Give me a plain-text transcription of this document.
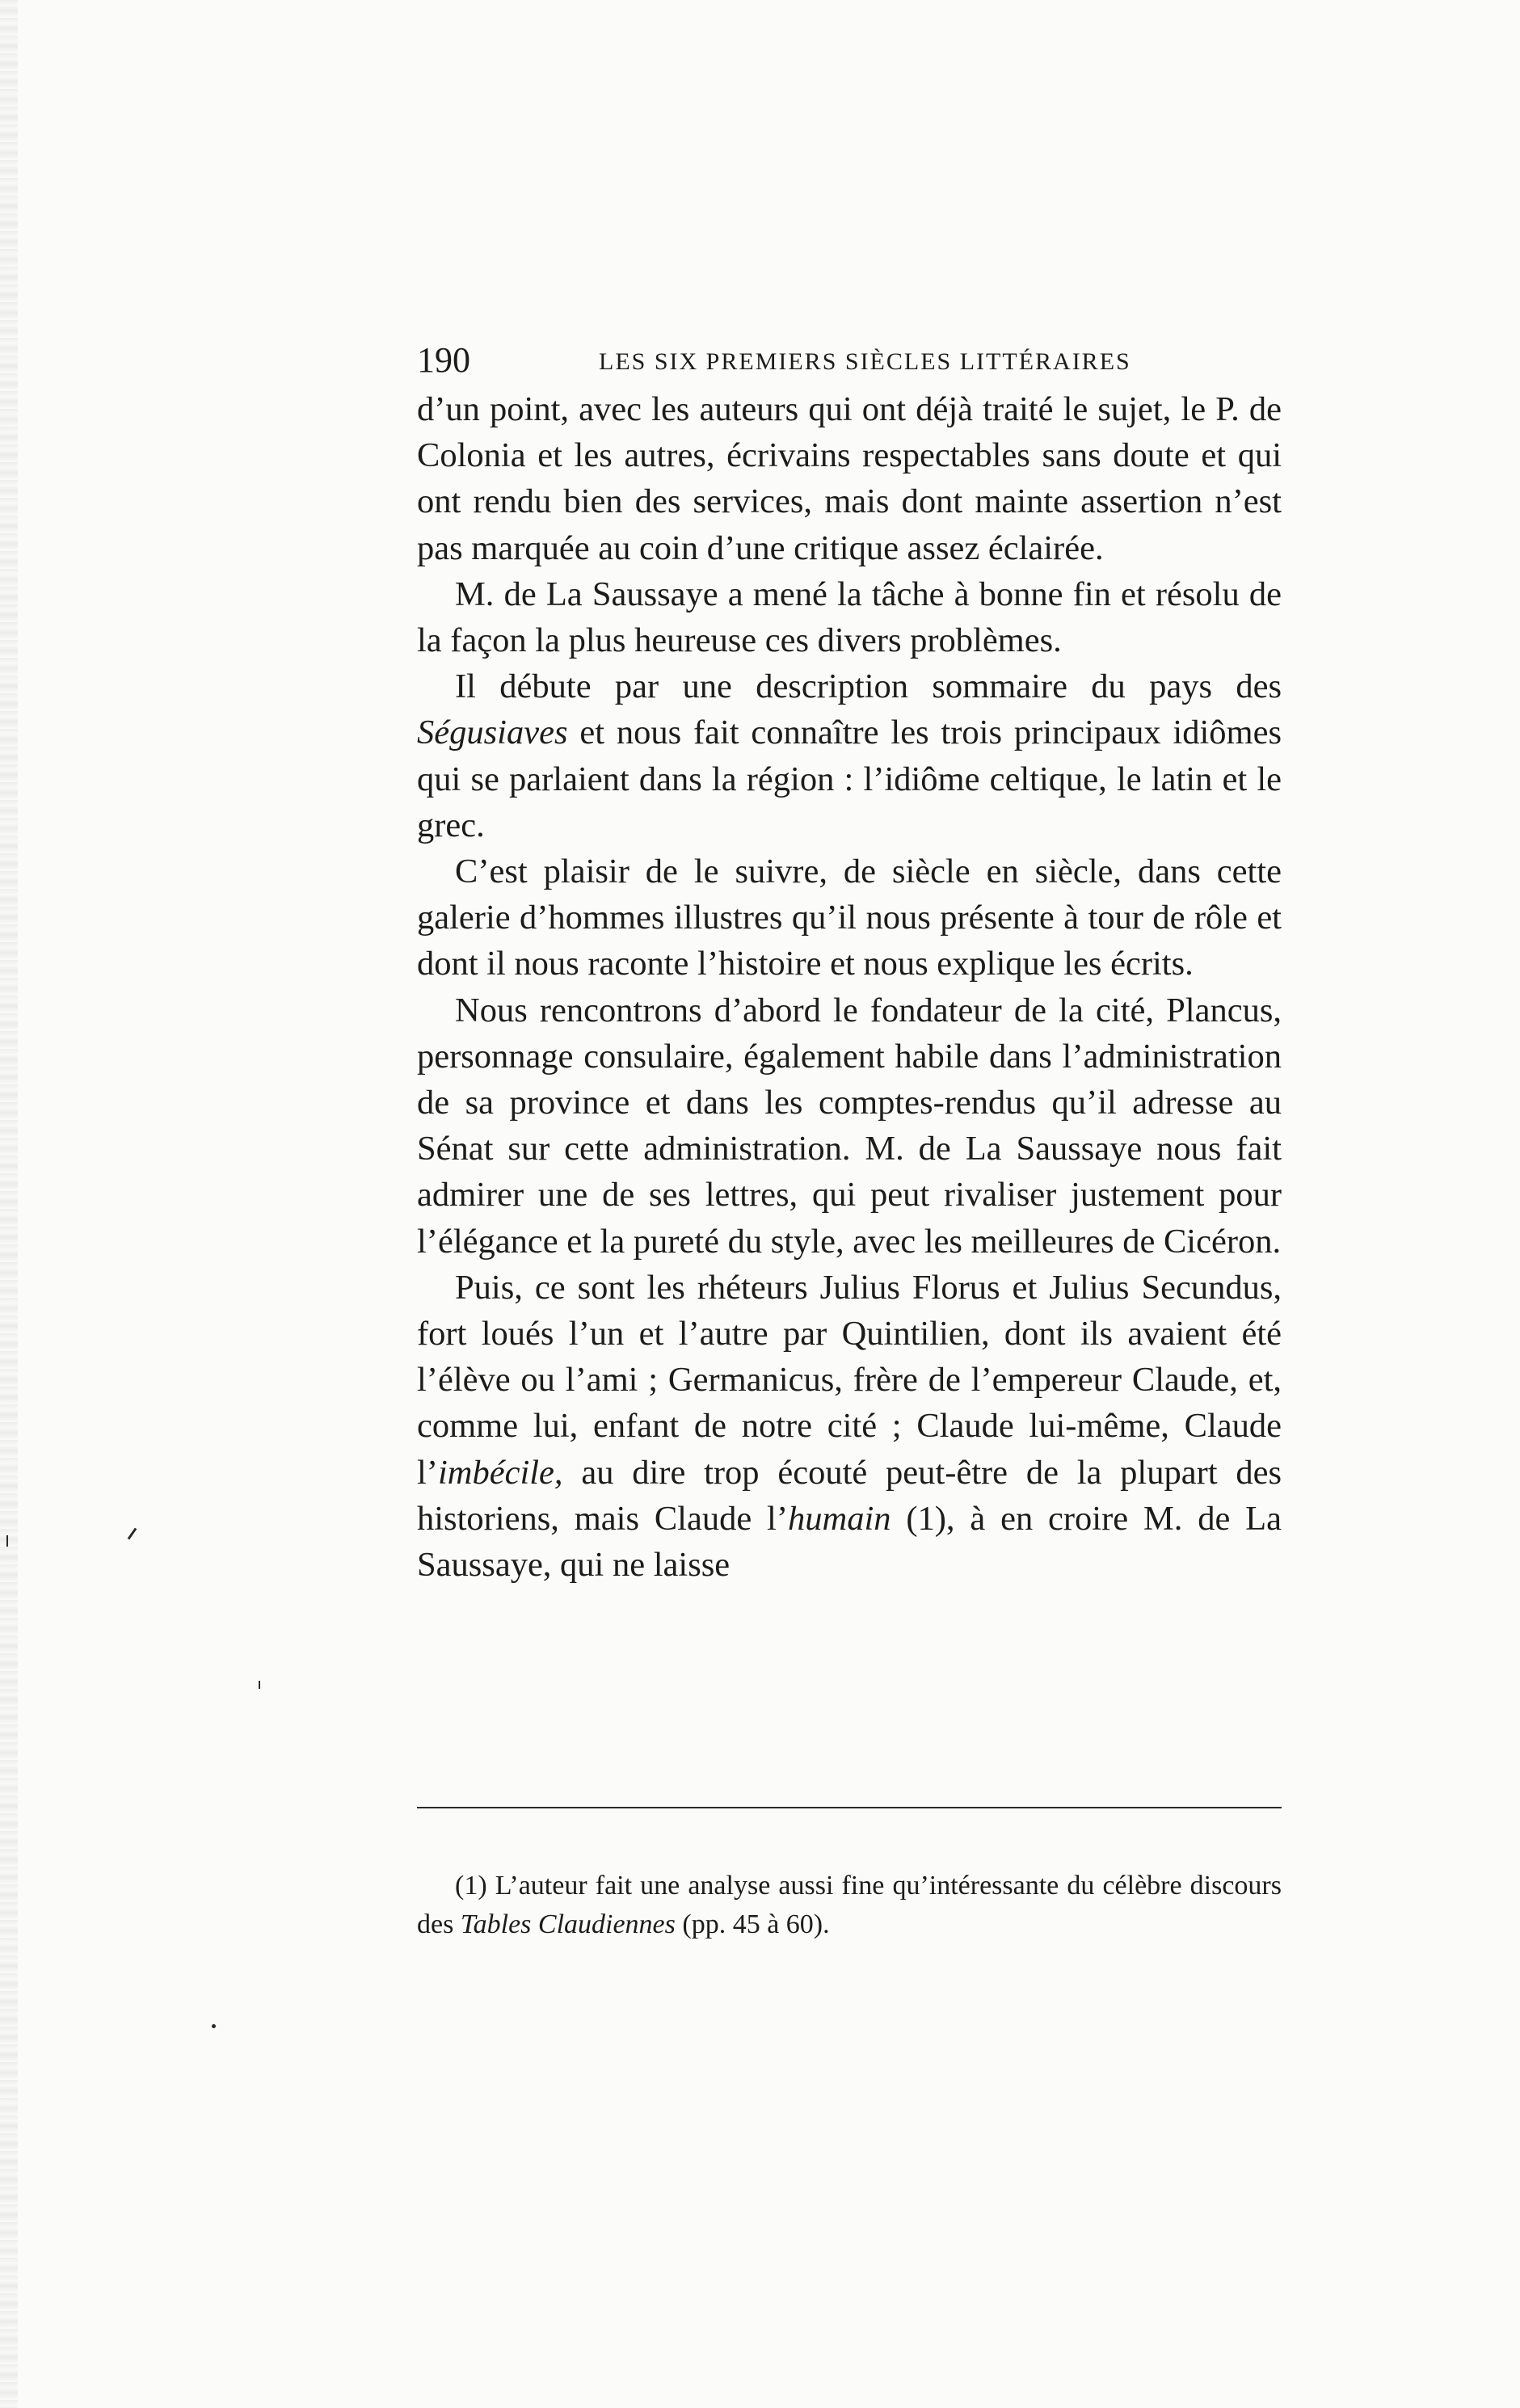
190	LES SIX PREMIERS SIÈCLES LITTÉRAIRES

d’un point, avec les auteurs qui ont déjà traité le sujet, le P. de Colonia et les autres, écrivains respectables sans doute et qui ont rendu bien des services, mais dont mainte assertion n’est pas marquée au coin d’une critique assez éclairée.

M. de La Saussaye a mené la tâche à bonne fin et résolu de la façon la plus heureuse ces divers problèmes.

Il débute par une description sommaire du pays des Ségusiaves et nous fait connaître les trois principaux idiômes qui se parlaient dans la région : l’idiôme celtique, le latin et le grec.

C’est plaisir de le suivre, de siècle en siècle, dans cette galerie d’hommes illustres qu’il nous présente à tour de rôle et dont il nous raconte l’histoire et nous explique les écrits.

Nous rencontrons d’abord le fondateur de la cité, Plancus, personnage consulaire, également habile dans l’administration de sa province et dans les comptes-rendus qu’il adresse au Sénat sur cette administration. M. de La Saussaye nous fait admirer une de ses lettres, qui peut rivaliser justement pour l’élégance et la pureté du style, avec les meilleures de Cicéron.

Puis, ce sont les rhéteurs Julius Florus et Julius Secundus, fort loués l’un et l’autre par Quintilien, dont ils avaient été l’élève ou l’ami ; Germanicus, frère de l’empereur Claude, et, comme lui, enfant de notre cité ; Claude lui-même, Claude l’imbécile, au dire trop écouté peut-être de la plupart des historiens, mais Claude l’humain (1), à en croire M. de La Saussaye, qui ne laisse

(1) L’auteur fait une analyse aussi fine qu’intéressante du célèbre discours des Tables Claudiennes (pp. 45 à 60).
